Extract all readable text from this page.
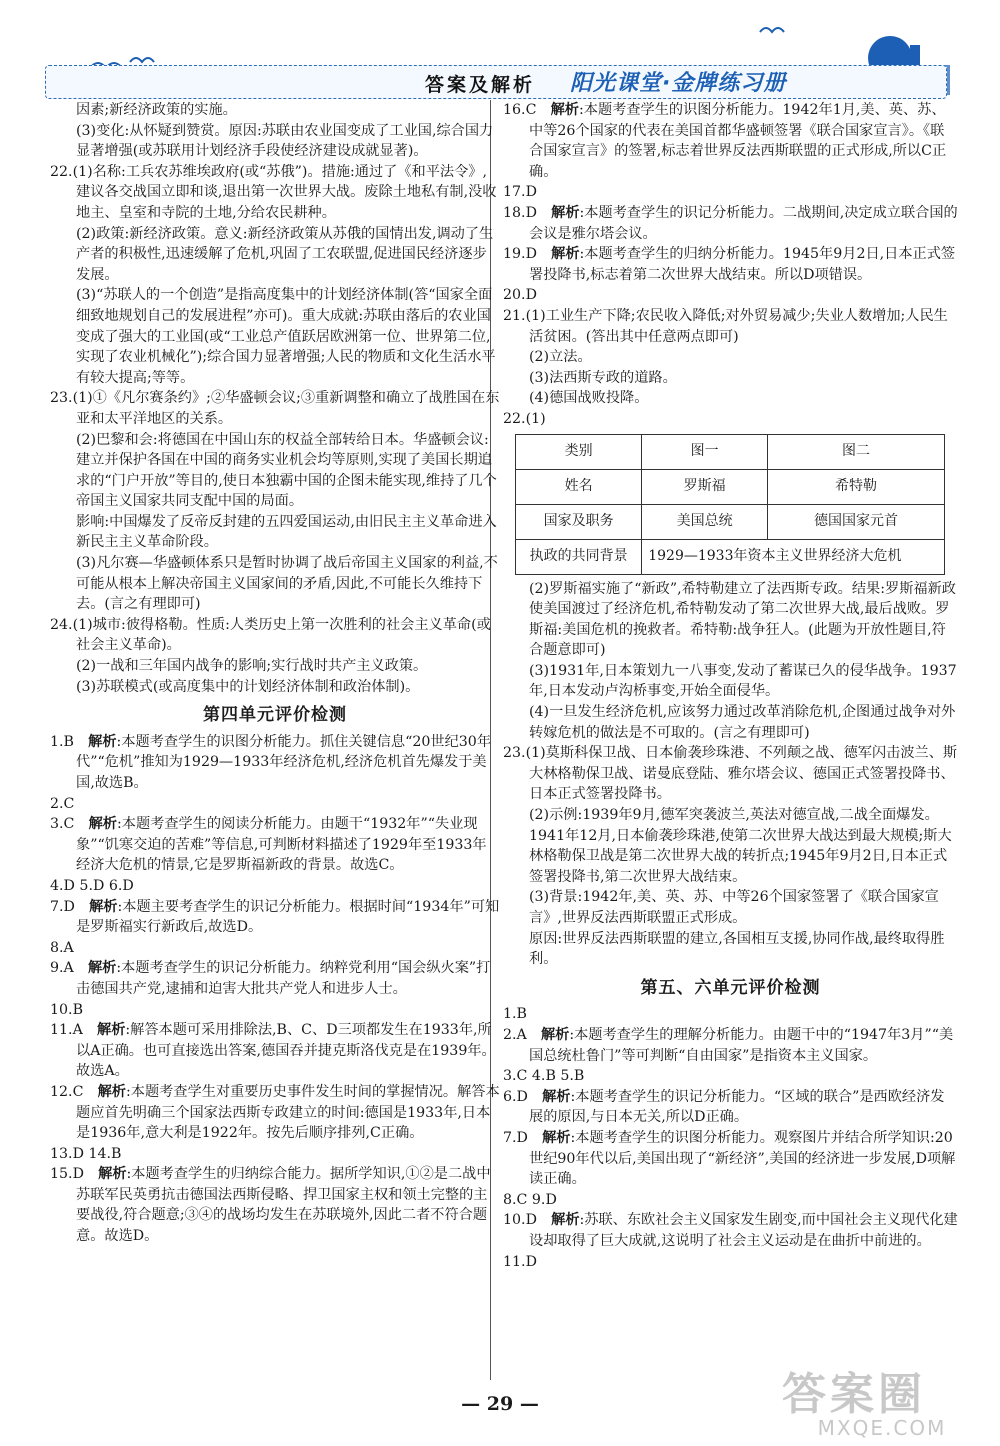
答案及解析 阳光课堂·金牌练习册

因素;新经济政策的实施。

(3)变化:从怀疑到赞赏。原因:苏联由农业国变成了工业国,综合国力显著增强(或苏联用计划经济手段使经济建设成就显著)。

22.(1)名称:工兵农苏维埃政府(或“苏俄”)。措施:通过了《和平法令》,建议各交战国立即和谈,退出第一次世界大战。废除土地私有制,没收地主、皇室和寺院的土地,分给农民耕种。

(2)政策:新经济政策。意义:新经济政策从苏俄的国情出发,调动了生产者的积极性,迅速缓解了危机,巩固了工农联盟,促进国民经济逐步发展。

(3)“苏联人的一个创造”是指高度集中的计划经济体制(答“国家全面细致地规划自己的发展进程”亦可)。重大成就:苏联由落后的农业国变成了强大的工业国(或“工业总产值跃居欧洲第一位、世界第二位,实现了农业机械化”);综合国力显著增强;人民的物质和文化生活水平有较大提高;等等。

23.(1)①《凡尔赛条约》;②华盛顿会议;③重新调整和确立了战胜国在东亚和太平洋地区的关系。

(2)巴黎和会:将德国在中国山东的权益全部转给日本。华盛顿会议:建立并保护各国在中国的商务实业机会均等原则,实现了美国长期追求的“门户开放”等目的,使日本独霸中国的企图未能实现,维持了几个帝国主义国家共同支配中国的局面。

影响:中国爆发了反帝反封建的五四爱国运动,由旧民主主义革命进入新民主主义革命阶段。

(3)凡尔赛—华盛顿体系只是暂时协调了战后帝国主义国家的利益,不可能从根本上解决帝国主义国家间的矛盾,因此,不可能长久维持下去。(言之有理即可)

24.(1)城市:彼得格勒。性质:人类历史上第一次胜利的社会主义革命(或社会主义革命)。

(2)一战和三年国内战争的影响;实行战时共产主义政策。

(3)苏联模式(或高度集中的计划经济体制和政治体制)。

第四单元评价检测

1.B  解析:本题考查学生的识图分析能力。抓住关键信息“20世纪30年代”“危机”推知为1929—1933年经济危机,经济危机首先爆发于美国,故选B。

2.C

3.C  解析:本题考查学生的阅读分析能力。由题干“1932年”“失业现象”“饥寒交迫的苦难”等信息,可判断材料描述了1929年至1933年经济大危机的情景,它是罗斯福新政的背景。故选C。

4.D 5.D 6.D

7.D  解析:本题主要考查学生的识记分析能力。根据时间“1934年”可知是罗斯福实行新政后,故选D。

8.A

9.A  解析:本题考查学生的识记分析能力。纳粹党利用“国会纵火案”打击德国共产党,逮捕和迫害大批共产党人和进步人士。

10.B

11.A  解析:解答本题可采用排除法,B、C、D三项都发生在1933年,所以A正确。也可直接选出答案,德国吞并捷克斯洛伐克是在1939年。故选A。

12.C  解析:本题考查学生对重要历史事件发生时间的掌握情况。解答本题应首先明确三个国家法西斯专政建立的时间:德国是1933年,日本是1936年,意大利是1922年。按先后顺序排列,C正确。

13.D 14.B

15.D  解析:本题考查学生的归纳综合能力。据所学知识,①②是二战中苏联军民英勇抗击德国法西斯侵略、捍卫国家主权和领土完整的主要战役,符合题意;③④的战场均发生在苏联境外,因此二者不符合题意。故选D。

16.C  解析:本题考查学生的识图分析能力。1942年1月,美、英、苏、中等26个国家的代表在美国首都华盛顿签署《联合国家宣言》。《联合国家宣言》的签署,标志着世界反法西斯联盟的正式形成,所以C正确。

17.D

18.D  解析:本题考查学生的识记分析能力。二战期间,决定成立联合国的会议是雅尔塔会议。

19.D  解析:本题考查学生的归纳分析能力。1945年9月2日,日本正式签署投降书,标志着第二次世界大战结束。所以D项错误。

20.D

21.(1)工业生产下降;农民收入降低;对外贸易减少;失业人数增加;人民生活贫困。(答出其中任意两点即可)

(2)立法。

(3)法西斯专政的道路。

(4)德国战败投降。

22.(1)

类别	图一	图二
姓名	罗斯福	希特勒
国家及职务	美国总统	德国国家元首
执政的共同背景	1929—1933年资本主义世界经济大危机	

(2)罗斯福实施了“新政”,希特勒建立了法西斯专政。结果:罗斯福新政使美国渡过了经济危机,希特勒发动了第二次世界大战,最后战败。罗斯福:美国危机的挽救者。希特勒:战争狂人。(此题为开放性题目,符合题意即可)

(3)1931年,日本策划九一八事变,发动了蓄谋已久的侵华战争。1937年,日本发动卢沟桥事变,开始全面侵华。

(4)一旦发生经济危机,应该努力通过改革消除危机,企图通过战争对外转嫁危机的做法是不可取的。(言之有理即可)

23.(1)莫斯科保卫战、日本偷袭珍珠港、不列颠之战、德军闪击波兰、斯大林格勒保卫战、诺曼底登陆、雅尔塔会议、德国正式签署投降书、日本正式签署投降书。

(2)示例:1939年9月,德军突袭波兰,英法对德宣战,二战全面爆发。1941年12月,日本偷袭珍珠港,使第二次世界大战达到最大规模;斯大林格勒保卫战是第二次世界大战的转折点;1945年9月2日,日本正式签署投降书,第二次世界大战结束。

(3)背景:1942年,美、英、苏、中等26个国家签署了《联合国家宣言》,世界反法西斯联盟正式形成。

原因:世界反法西斯联盟的建立,各国相互支援,协同作战,最终取得胜利。

第五、六单元评价检测

1.B

2.A  解析:本题考查学生的理解分析能力。由题干中的“1947年3月”“美国总统杜鲁门”等可判断“自由国家”是指资本主义国家。

3.C 4.B 5.B

6.D  解析:本题考查学生的识记分析能力。“区域的联合”是西欧经济发展的原因,与日本无关,所以D正确。

7.D  解析:本题考查学生的识图分析能力。观察图片并结合所学知识:20世纪90年代以后,美国出现了“新经济”,美国的经济进一步发展,D项解读正确。

8.C 9.D

10.D  解析:苏联、东欧社会主义国家发生剧变,而中国社会主义现代化建设却取得了巨大成就,这说明了社会主义运动是在曲折中前进的。

11.D

— 29 —	答案圈
MXQE.COM
